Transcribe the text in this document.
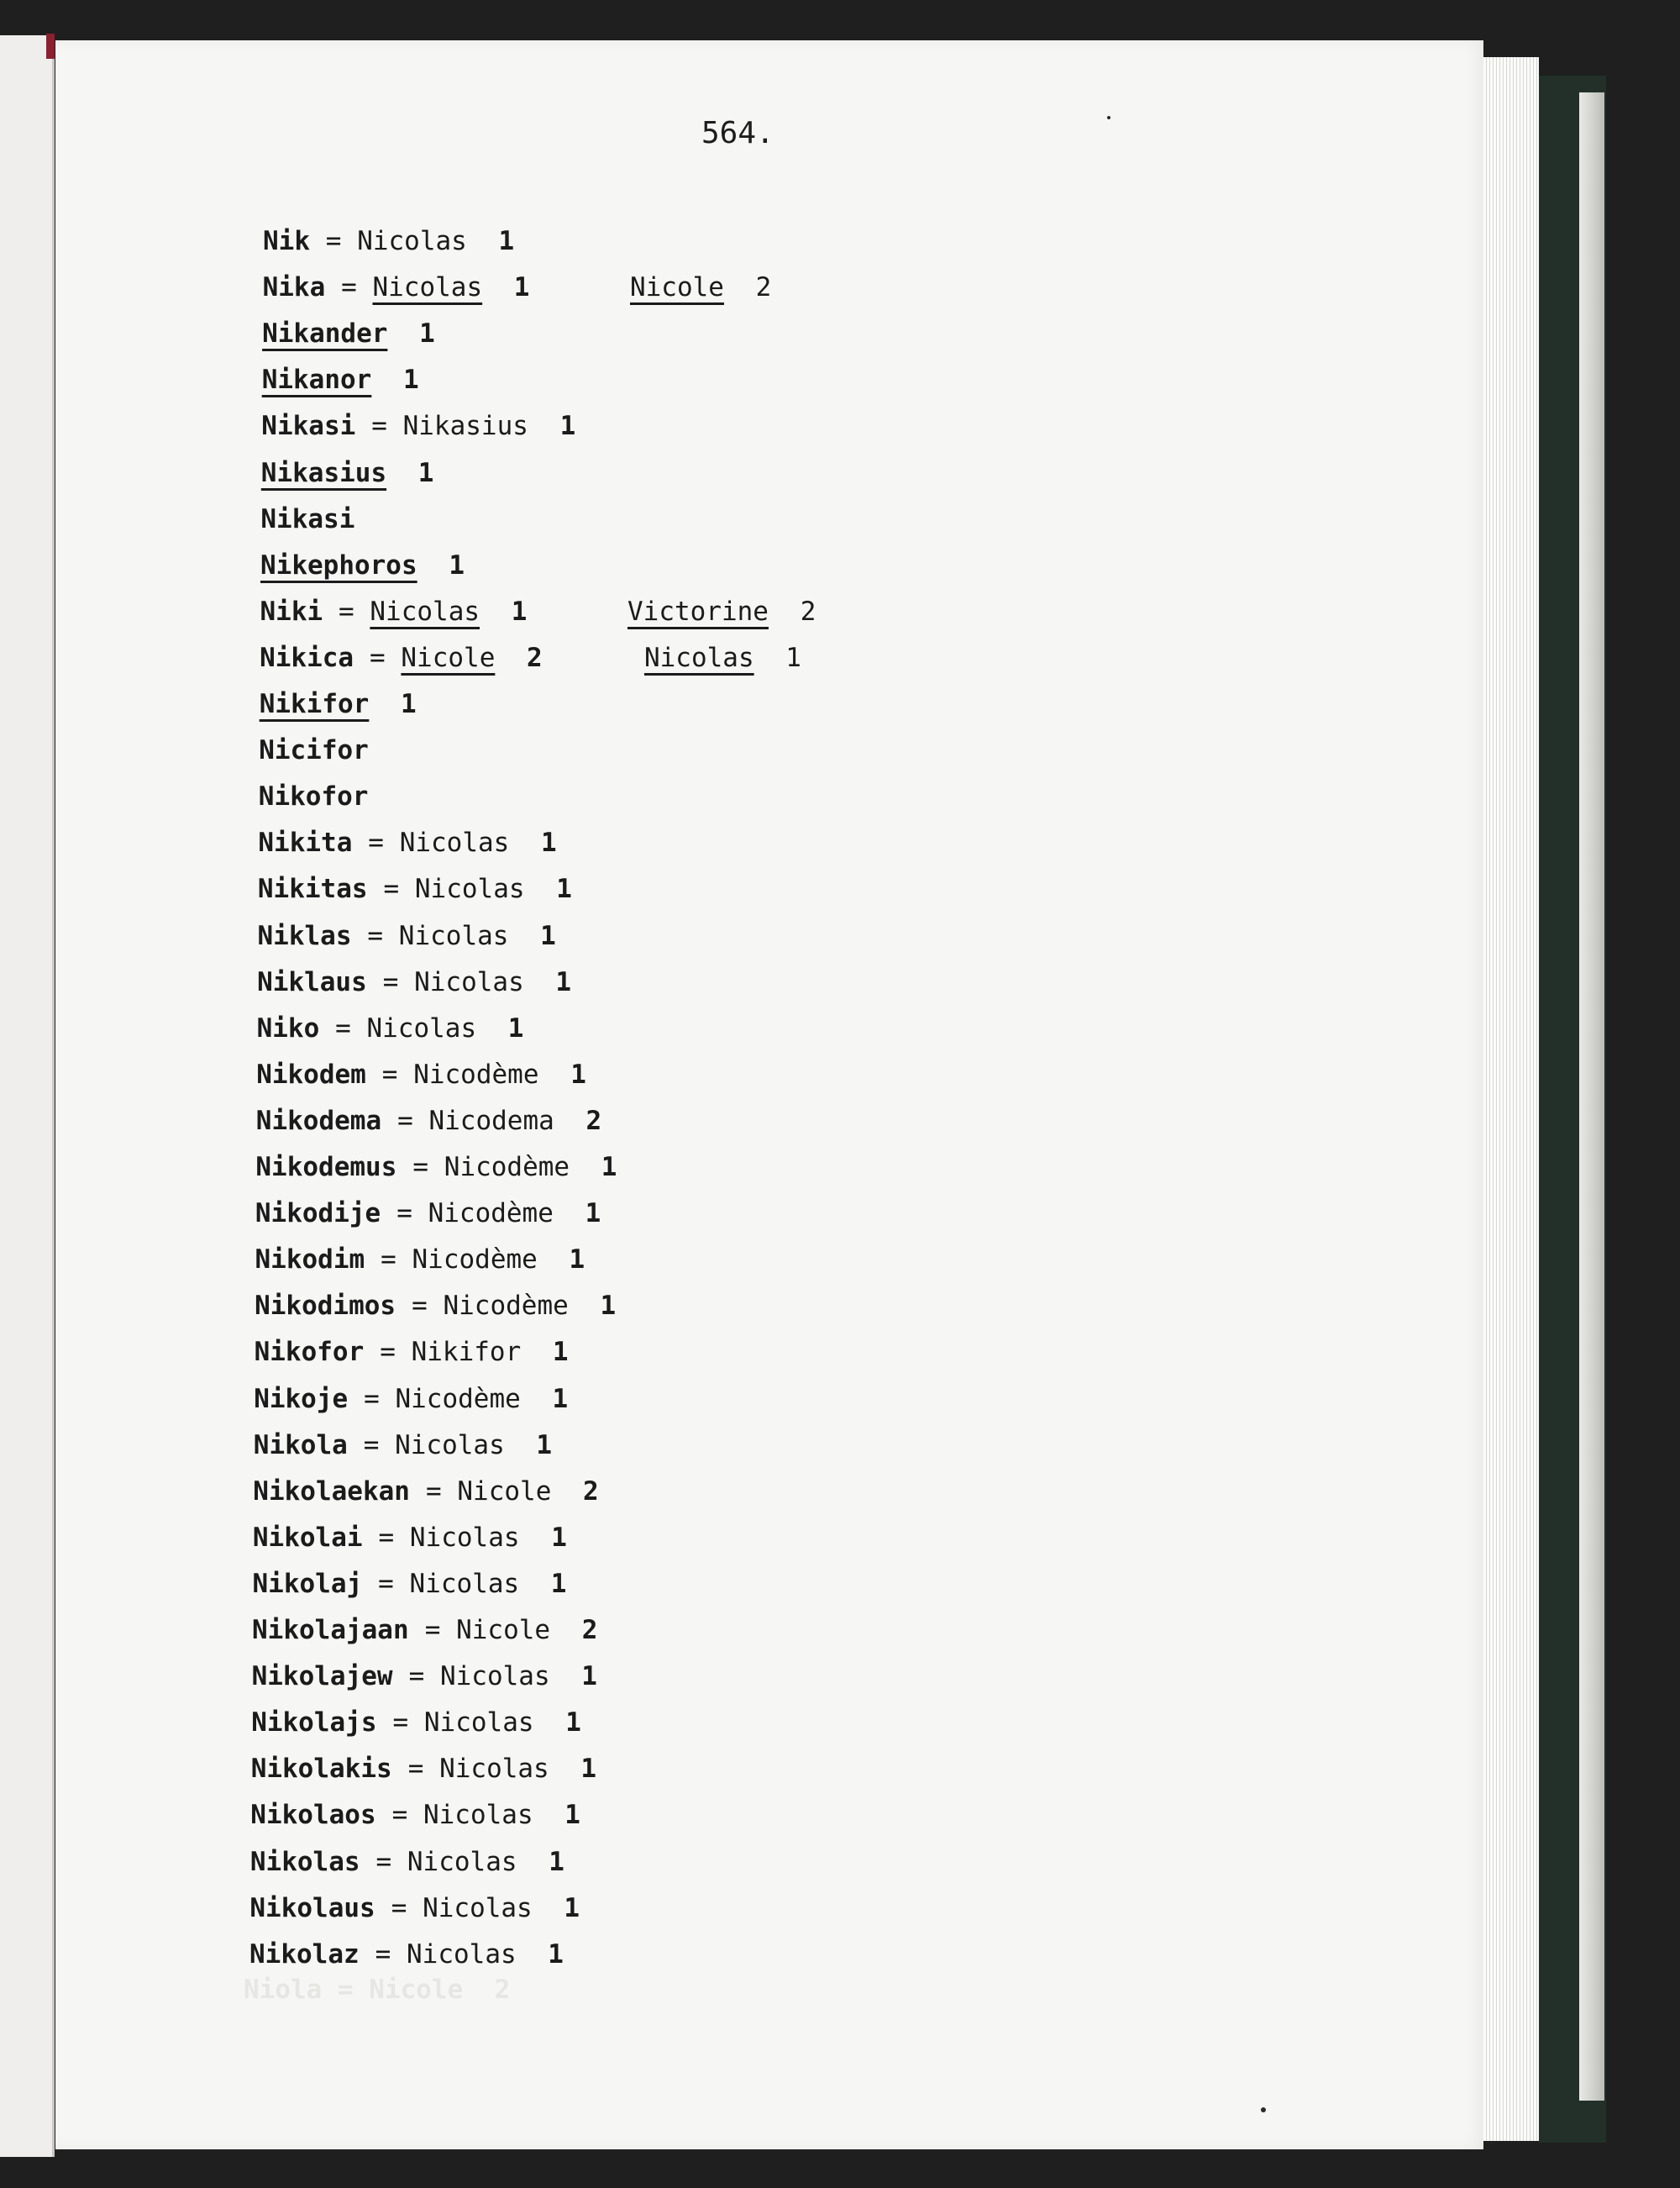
564.
Niola = Nicole  2
Nik = Nicolas 1
Nika = Nicolas 1	Nicole 2
Nikander 1
Nikanor 1
Nikasi = Nikasius 1
Nikasius 1
Nikasi
Nikephoros 1
Niki = Nicolas 1	Victorine 2
Nikica = Nicole 2	Nicolas 1
Nikifor 1
Nicifor
Nikofor
Nikita = Nicolas 1
Nikitas = Nicolas 1
Niklas = Nicolas 1
Niklaus = Nicolas 1
Niko = Nicolas 1
Nikodem = Nicodème 1
Nikodema = Nicodema 2
Nikodemus = Nicodème 1
Nikodije = Nicodème 1
Nikodim = Nicodème 1
Nikodimos = Nicodème 1
Nikofor = Nikifor 1
Nikoje = Nicodème 1
Nikola = Nicolas 1
Nikolaekan = Nicole 2
Nikolai = Nicolas 1
Nikolaj = Nicolas 1
Nikolajaan = Nicole 2
Nikolajew = Nicolas 1
Nikolajs = Nicolas 1
Nikolakis = Nicolas 1
Nikolaos = Nicolas 1
Nikolas = Nicolas 1
Nikolaus = Nicolas 1
Nikolaz = Nicolas 1
